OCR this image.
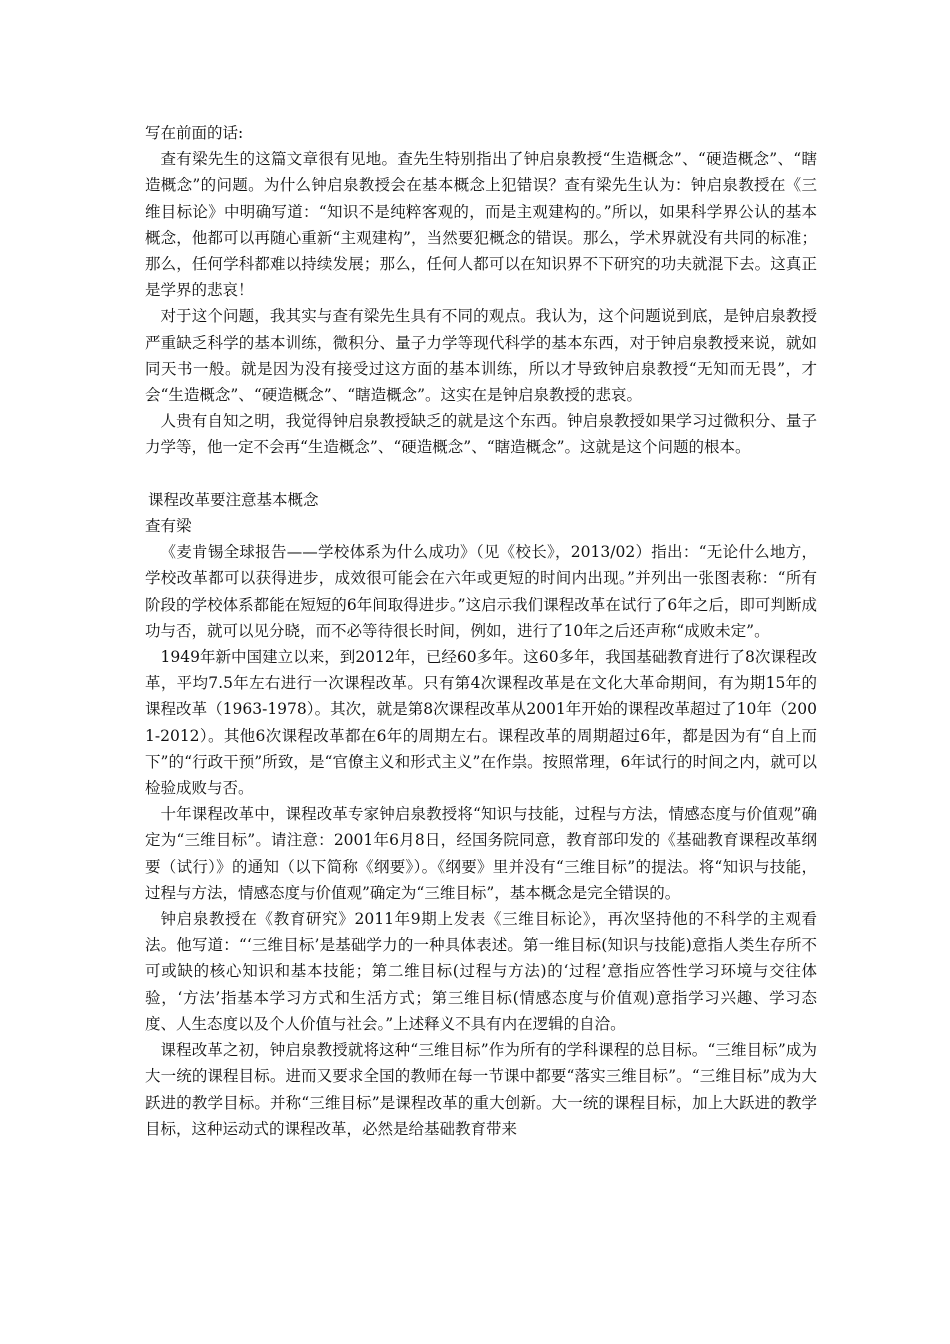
写在前面的话:

查有梁先生的这篇文章很有见地。查先生特别指出了钟启泉教授“生造概念”、“硬造概念”、“瞎造概念”的问题。为什么钟启泉教授会在基本概念上犯错误？查有梁先生认为：钟启泉教授在《三维目标论》中明确写道：“知识不是纯粹客观的，而是主观建构的。”所以，如果科学界公认的基本概念，他都可以再随心重新“主观建构”，当然要犯概念的错误。那么，学术界就没有共同的标准；那么，任何学科都难以持续发展；那么，任何人都可以在知识界不下研究的功夫就混下去。这真正是学界的悲哀！

对于这个问题，我其实与查有梁先生具有不同的观点。我认为，这个问题说到底，是钟启泉教授严重缺乏科学的基本训练，微积分、量子力学等现代科学的基本东西，对于钟启泉教授来说，就如同天书一般。就是因为没有接受过这方面的基本训练，所以才导致钟启泉教授“无知而无畏”，才会“生造概念”、“硬造概念”、“瞎造概念”。这实在是钟启泉教授的悲哀。

人贵有自知之明，我觉得钟启泉教授缺乏的就是这个东西。钟启泉教授如果学习过微积分、量子力学等，他一定不会再“生造概念”、“硬造概念”、“瞎造概念”。这就是这个问题的根本。

课程改革要注意基本概念

查有梁

《麦肯锡全球报告——学校体系为什么成功》（见《校长》，2013/02）指出：“无论什么地方，学校改革都可以获得进步，成效很可能会在六年或更短的时间内出现。”并列出一张图表称：“所有阶段的学校体系都能在短短的6年间取得进步。”这启示我们课程改革在试行了6年之后，即可判断成功与否，就可以见分晓，而不必等待很长时间，例如，进行了10年之后还声称“成败未定”。

1949年新中国建立以来，到2012年，已经60多年。这60多年，我国基础教育进行了8次课程改革，平均7.5年左右进行一次课程改革。只有第4次课程改革是在文化大革命期间，有为期15年的课程改革（1963-1978）。其次，就是第8次课程改革从2001年开始的课程改革超过了10年（2001-2012）。其他6次课程改革都在6年的周期左右。课程改革的周期超过6年，都是因为有“自上而下”的“行政干预”所致，是“官僚主义和形式主义”在作祟。按照常理，6年试行的时间之内，就可以检验成败与否。

十年课程改革中，课程改革专家钟启泉教授将“知识与技能，过程与方法，情感态度与价值观”确定为“三维目标”。请注意：2001年6月8日，经国务院同意，教育部印发的《基础教育课程改革纲要（试行）》的通知（以下简称《纲要》）。《纲要》里并没有“三维目标”的提法。将“知识与技能，过程与方法，情感态度与价值观”确定为“三维目标”，基本概念是完全错误的。

钟启泉教授在《教育研究》2011年9期上发表《三维目标论》，再次坚持他的不科学的主观看法。他写道：“‘三维目标’是基础学力的一种具体表述。第一维目标(知识与技能)意指人类生存所不可或缺的核心知识和基本技能；第二维目标(过程与方法)的‘过程’意指应答性学习环境与交往体验，‘方法’指基本学习方式和生活方式；第三维目标(情感态度与价值观)意指学习兴趣、学习态度、人生态度以及个人价值与社会。”上述释义不具有内在逻辑的自洽。

课程改革之初，钟启泉教授就将这种“三维目标”作为所有的学科课程的总目标。“三维目标”成为大一统的课程目标。进而又要求全国的教师在每一节课中都要“落实三维目标”。“三维目标”成为大跃进的教学目标。并称“三维目标”是课程改革的重大创新。大一统的课程目标，加上大跃进的教学目标，这种运动式的课程改革，必然是给基础教育带来
